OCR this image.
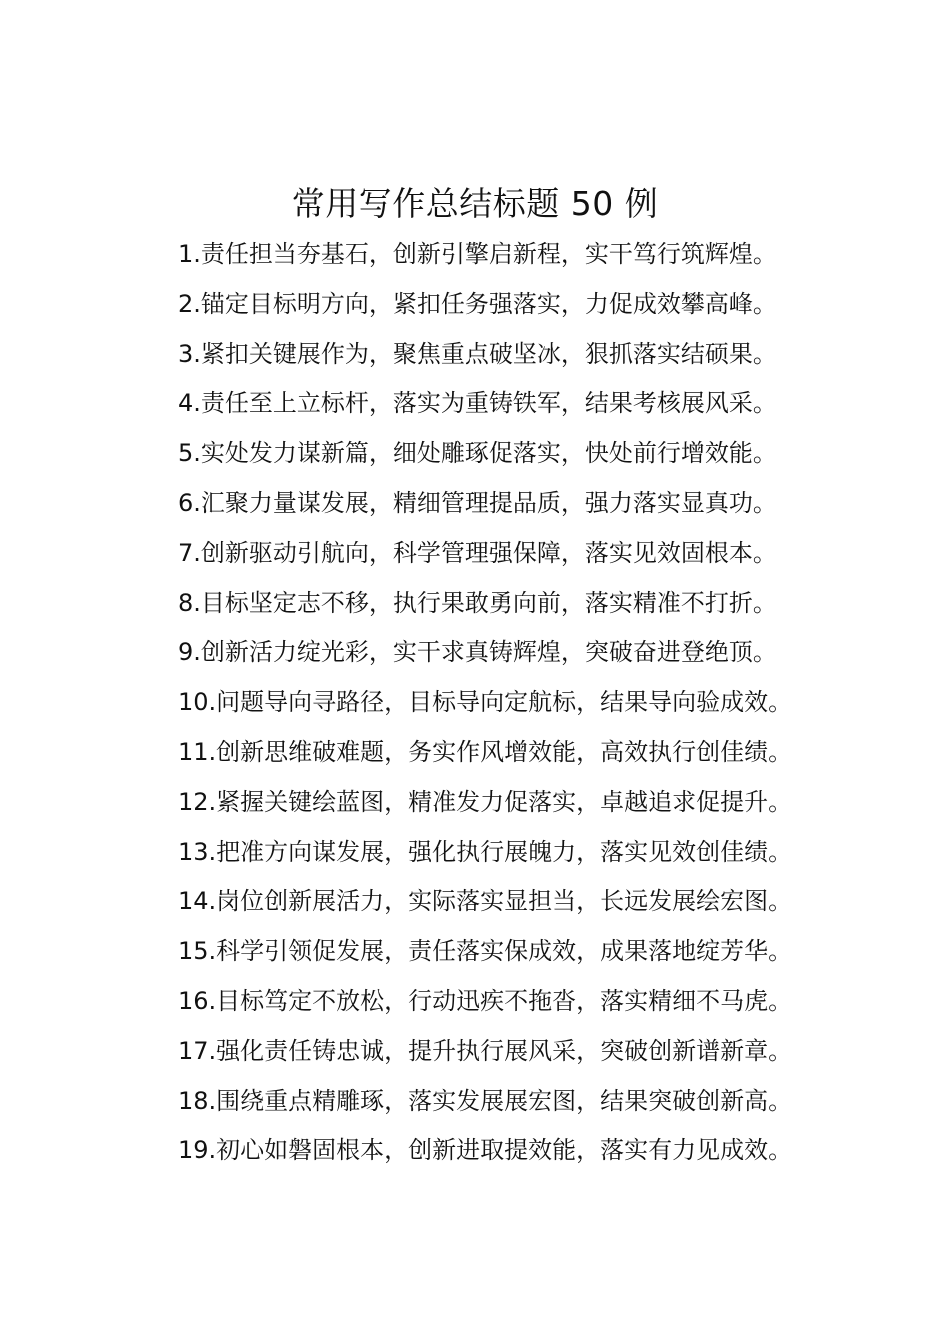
常用写作总结标题 50 例
1.责任担当夯基石，创新引擎启新程，实干笃行筑辉煌。
2.锚定目标明方向，紧扣任务强落实，力促成效攀高峰。
3.紧扣关键展作为，聚焦重点破坚冰，狠抓落实结硕果。
4.责任至上立标杆，落实为重铸铁军，结果考核展风采。
5.实处发力谋新篇，细处雕琢促落实，快处前行增效能。
6.汇聚力量谋发展，精细管理提品质，强力落实显真功。
7.创新驱动引航向，科学管理强保障，落实见效固根本。
8.目标坚定志不移，执行果敢勇向前，落实精准不打折。
9.创新活力绽光彩，实干求真铸辉煌，突破奋进登绝顶。
10.问题导向寻路径，目标导向定航标，结果导向验成效。
11.创新思维破难题，务实作风增效能，高效执行创佳绩。
12.紧握关键绘蓝图，精准发力促落实，卓越追求促提升。
13.把准方向谋发展，强化执行展魄力，落实见效创佳绩。
14.岗位创新展活力，实际落实显担当，长远发展绘宏图。
15.科学引领促发展，责任落实保成效，成果落地绽芳华。
16.目标笃定不放松，行动迅疾不拖沓，落实精细不马虎。
17.强化责任铸忠诚，提升执行展风采，突破创新谱新章。
18.围绕重点精雕琢，落实发展展宏图，结果突破创新高。
19.初心如磐固根本，创新进取提效能，落实有力见成效。
